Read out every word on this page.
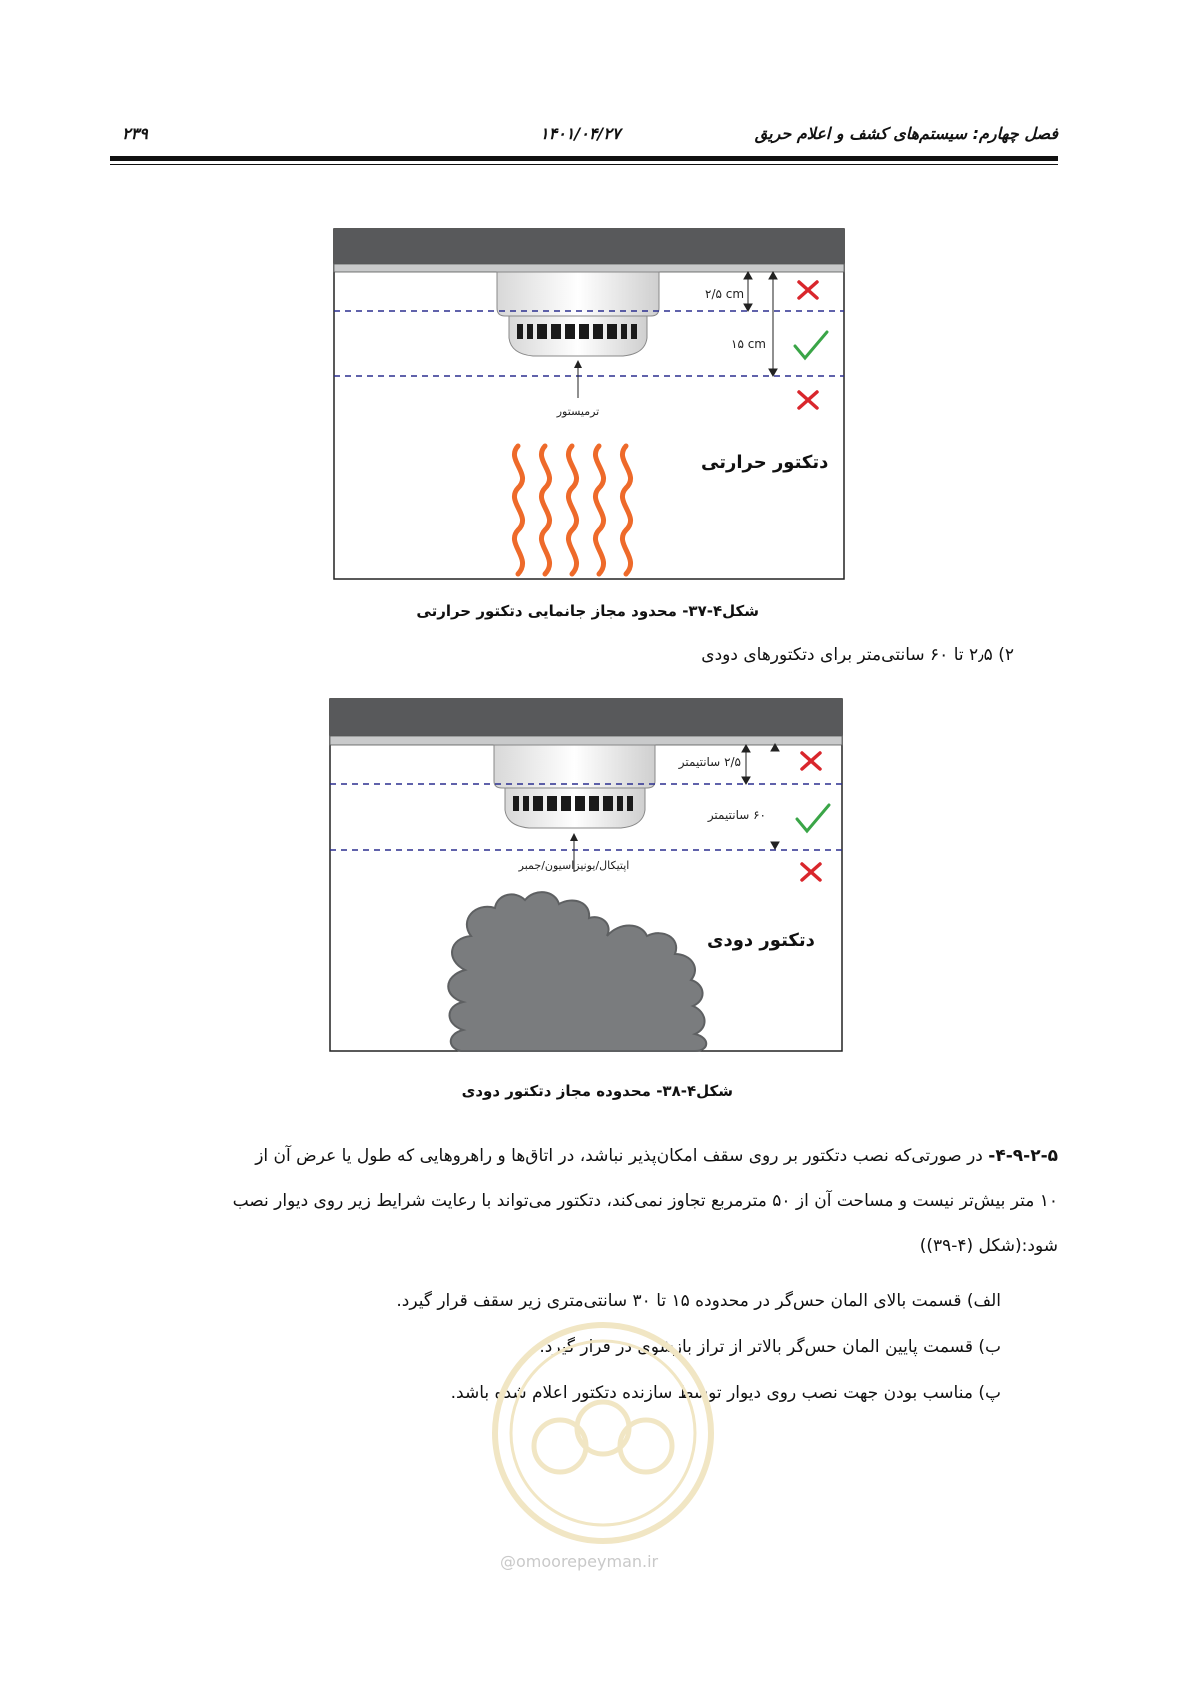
فصل چهارم: سیستم‌های کشف و اعلام حریق
۱۴۰۱/۰۴/۲۷
۲۳۹
۲/۵ cm
۱۵ cm
ترمیستور
دتکتور حرارتی
شکل۴-۳۷- محدود مجاز جانمایی دتکتور حرارتی
۲) ۲٫۵ تا ۶۰ سانتی‌متر برای دتکتورهای دودی
۲/۵ سانتیمتر
۶۰ سانتیمتر
اپتیکال/یونیزاسیون/جمبر
دتکتور دودی
شکل۴-۳۸- محدوده مجاز دتکتور دودی
۴-۹-۲-۵- در صورتی‌که نصب دتکتور بر روی سقف امکان‌پذیر نباشد، در اتاق‌ها و راهروهایی که طول یا عرض آن از
۱۰ متر بیش‌تر نیست و مساحت آن از ۵۰ مترمربع تجاوز نمی‌کند، دتکتور می‌تواند با رعایت شرایط زیر روی دیوار نصب
شود:(شکل (۴-۳۹))
الف) قسمت بالای المان حس‌گر در محدوده ۱۵ تا ۳۰ سانتی‌متری زیر سقف قرار گیرد.
ب) قسمت پایین المان حس‌گر بالاتر از تراز بازشوی در قرار گیرد.
پ) مناسب بودن جهت نصب روی دیوار توسط سازنده دتکتور اعلام شده باشد.
@omoorepeyman.ir
